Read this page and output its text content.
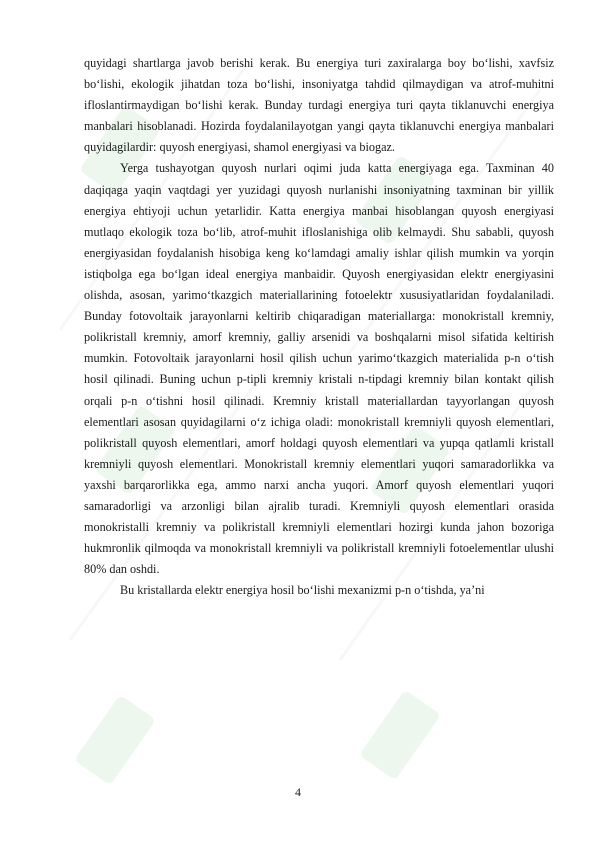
quyidagi shartlarga javob berishi kerak. Bu energiya turi zaxiralarga boy bo‘lishi, xavfsiz bo‘lishi, ekologik jihatdan toza bo‘lishi, insoniyatga tahdid qilmaydigan va atrof-muhitni ifloslantirmaydigan bo‘lishi kerak. Bunday turdagi energiya turi qayta tiklanuvchi energiya manbalari hisoblanadi. Hozirda foydalanilayotgan yangi qayta tiklanuvchi energiya manbalari quyidagilardir: quyosh energiyasi, shamol energiyasi va biogaz.

Yerga tushayotgan quyosh nurlari oqimi juda katta energiyaga ega. Taxminan 40 daqiqaga yaqin vaqtdagi yer yuzidagi quyosh nurlanishi insoniyatning taxminan bir yillik energiya ehtiyoji uchun yetarlidir. Katta energiya manbai hisoblangan quyosh energiyasi mutlaqo ekologik toza bo‘lib, atrof-muhit ifloslanishiga olib kelmaydi. Shu sababli, quyosh energiyasidan foydalanish hisobiga keng ko‘lamdagi amaliy ishlar qilish mumkin va yorqin istiqbolga ega bo‘lgan ideal energiya manbaidir. Quyosh energiyasidan elektr energiyasini olishda, asosan, yarimo‘tkazgich materiallarining fotoelektr xususiyatlaridan foydalaniladi. Bunday fotovoltaik jarayonlarni keltirib chiqaradigan materiallarga: monokristall kremniy, polikristall kremniy, amorf kremniy, galliy arsenidi va boshqalarni misol sifatida keltirish mumkin. Fotovoltaik jarayonlarni hosil qilish uchun yarimo‘tkazgich materialida p-n o‘tish hosil qilinadi. Buning uchun p-tipli kremniy kristali n-tipdagi kremniy bilan kontakt qilish orqali p-n o‘tishni hosil qilinadi. Kremniy kristall materiallardan tayyorlangan quyosh elementlari asosan quyidagilarni o‘z ichiga oladi: monokristall kremniyli quyosh elementlari, polikristall quyosh elementlari, amorf holdagi quyosh elementlari va yupqa qatlamli kristall kremniyli quyosh elementlari. Monokristall kremniy elementlari yuqori samaradorlikka va yaxshi barqarorlikka ega, ammo narxi ancha yuqori. Amorf quyosh elementlari yuqori samaradorligi va arzonligi bilan ajralib turadi. Kremniyli quyosh elementlari orasida monokristalli kremniy va polikristall kremniyli elementlari hozirgi kunda jahon bozoriga hukmronlik qilmoqda va monokristall kremniyli va polikristall kremniyli fotoelementlar ulushi 80% dan oshdi.

Bu kristallarda elektr energiya hosil bo‘lishi mexanizmi p-n o‘tishda, ya’ni

4
